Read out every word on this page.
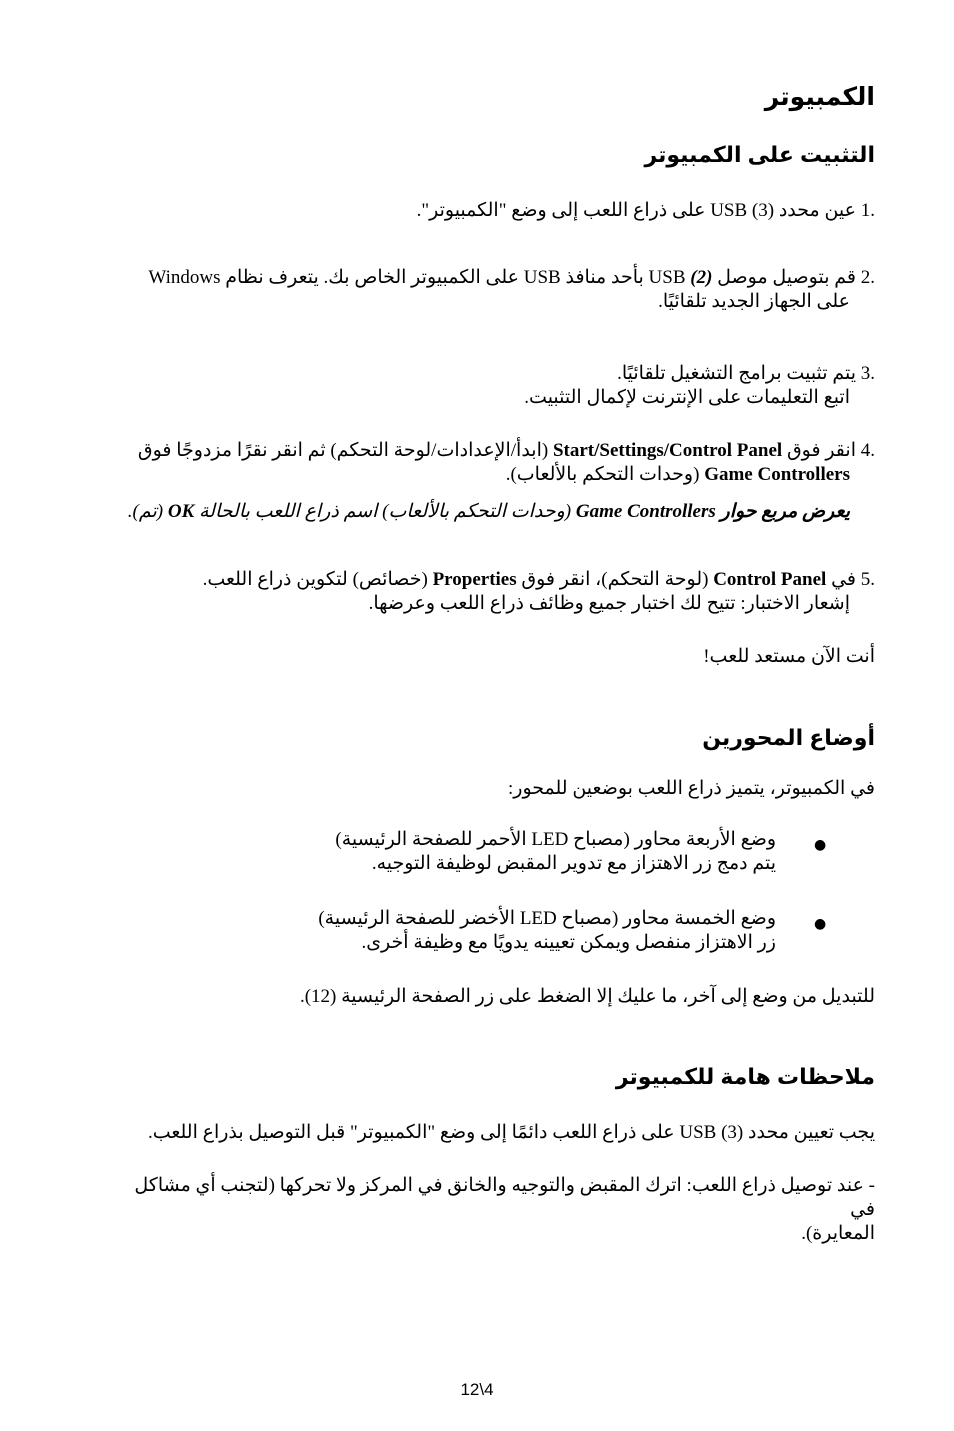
الكمبيوتر
التثبيت على الكمبيوتر
.1 عين محدد USB (3) على ذراع اللعب إلى وضع "الكمبيوتر".
.2 قم بتوصيل موصل USB (2) بأحد منافذ USB على الكمبيوتر الخاص بك. يتعرف نظام Windows
على الجهاز الجديد تلقائيًا.
.3 يتم تثبيت برامج التشغيل تلقائيًا.
اتبع التعليمات على الإنترنت لإكمال التثبيت.
.4 انقر فوق Start/Settings/Control Panel (ابدأ/الإعدادات/لوحة التحكم) ثم انقر نقرًا مزدوجًا فوق
Game Controllers (وحدات التحكم بالألعاب).
يعرض مربع حوار Game Controllers (وحدات التحكم بالألعاب) اسم ذراع اللعب بالحالة OK (تم).
.5 في Control Panel (لوحة التحكم)، انقر فوق Properties (خصائص) لتكوين ذراع اللعب.
إشعار الاختبار: تتيح لك اختبار جميع وظائف ذراع اللعب وعرضها.
أنت الآن مستعد للعب!
أوضاع المحورين
في الكمبيوتر، يتميز ذراع اللعب بوضعين للمحور:
●
وضع الأربعة محاور (مصباح LED الأحمر للصفحة الرئيسية)
يتم دمج زر الاهتزاز مع تدوير المقبض لوظيفة التوجيه.
●
وضع الخمسة محاور (مصباح LED الأخضر للصفحة الرئيسية)
زر الاهتزاز منفصل ويمكن تعيينه يدويًا مع وظيفة أخرى.
للتبديل من وضع إلى آخر، ما عليك إلا الضغط على زر الصفحة الرئيسية (12).
ملاحظات هامة للكمبيوتر
يجب تعيين محدد USB (3) على ذراع اللعب دائمًا إلى وضع "الكمبيوتر" قبل التوصيل بذراع اللعب.
- عند توصيل ذراع اللعب: اترك المقبض والتوجيه والخانق في المركز ولا تحركها (لتجنب أي مشاكل في
المعايرة).
12\4
